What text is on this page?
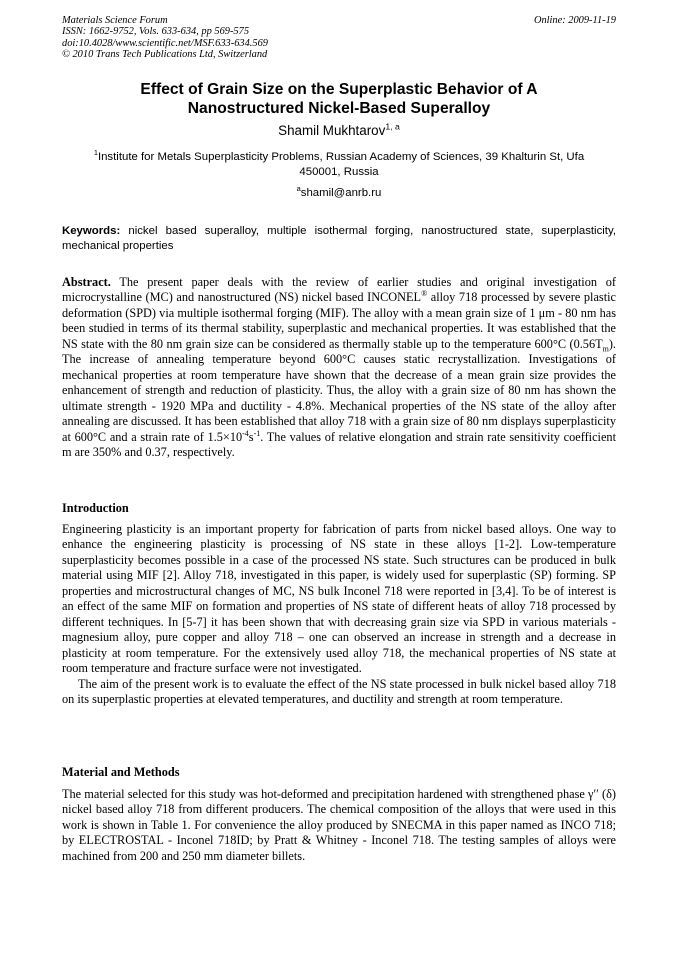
Materials Science Forum
ISSN: 1662-9752, Vols. 633-634, pp 569-575
doi:10.4028/www.scientific.net/MSF.633-634.569
© 2010 Trans Tech Publications Ltd, Switzerland
Online: 2009-11-19
Effect of Grain Size on the Superplastic Behavior of A
Nanostructured Nickel-Based Superalloy
Shamil Mukhtarov$^{1, a}$
$^1$Institute for Metals Superplasticity Problems, Russian Academy of Sciences, 39 Khalturin St, Ufa
450001, Russia
$^a$shamil@anrb.ru
Keywords: nickel based superalloy, multiple isothermal forging, nanostructured state, superplasticity, mechanical properties
Abstract. The present paper deals with the review of earlier studies and original investigation of microcrystalline (MC) and nanostructured (NS) nickel based INCONEL® alloy 718 processed by severe plastic deformation (SPD) via multiple isothermal forging (MIF). The alloy with a mean grain size of 1 μm - 80 nm has been studied in terms of its thermal stability, superplastic and mechanical properties. It was established that the NS state with the 80 nm grain size can be considered as thermally stable up to the temperature 600°C $(0.56T_m)$. The increase of annealing temperature beyond 600°C causes static recrystallization. Investigations of mechanical properties at room temperature have shown that the decrease of a mean grain size provides the enhancement of strength and reduction of plasticity. Thus, the alloy with a grain size of 80 nm has shown the ultimate strength - 1920 MPa and ductility - 4.8%. Mechanical properties of the NS state of the alloy after annealing are discussed. It has been established that alloy 718 with a grain size of 80 nm displays superplasticity at 600°C and a strain rate of $1.5\times 10^{-4}s^{-1}$. The values of relative elongation and strain rate sensitivity coefficient m are 350% and 0.37, respectively.
Introduction

Engineering plasticity is an important property for fabrication of parts from nickel based alloys. One way to enhance the engineering plasticity is processing of NS state in these alloys [1-2]. Low-temperature superplasticity becomes possible in a case of the processed NS state. Such structures can be produced in bulk material using MIF [2]. Alloy 718, investigated in this paper, is widely used for superplastic (SP) forming. SP properties and microstructural changes of MC, NS bulk Inconel 718 were reported in [3,4]. To be of interest is an effect of the same MIF on formation and properties of NS state of different heats of alloy 718 processed by different techniques. In [5-7] it has been shown that with decreasing grain size via SPD in various materials - magnesium alloy, pure copper and alloy 718 – one can observed an increase in strength and a decrease in plasticity at room temperature. For the extensively used alloy 718, the mechanical properties of NS state at room temperature and fracture surface were not investigated.

The aim of the present work is to evaluate the effect of the NS state processed in bulk nickel based alloy 718 on its superplastic properties at elevated temperatures, and ductility and strength at room temperature.

Material and Methods

The material selected for this study was hot-deformed and precipitation hardened with strengthened phase γ′′ (δ) nickel based alloy 718 from different producers. The chemical composition of the alloys that were used in this work is shown in Table 1. For convenience the alloy produced by SNECMA in this paper named as INCO 718; by ELECTROSTAL - Inconel 718ID; by Pratt & Whitney - Inconel 718. The testing samples of alloys were machined from 200 and 250 mm diameter billets.
